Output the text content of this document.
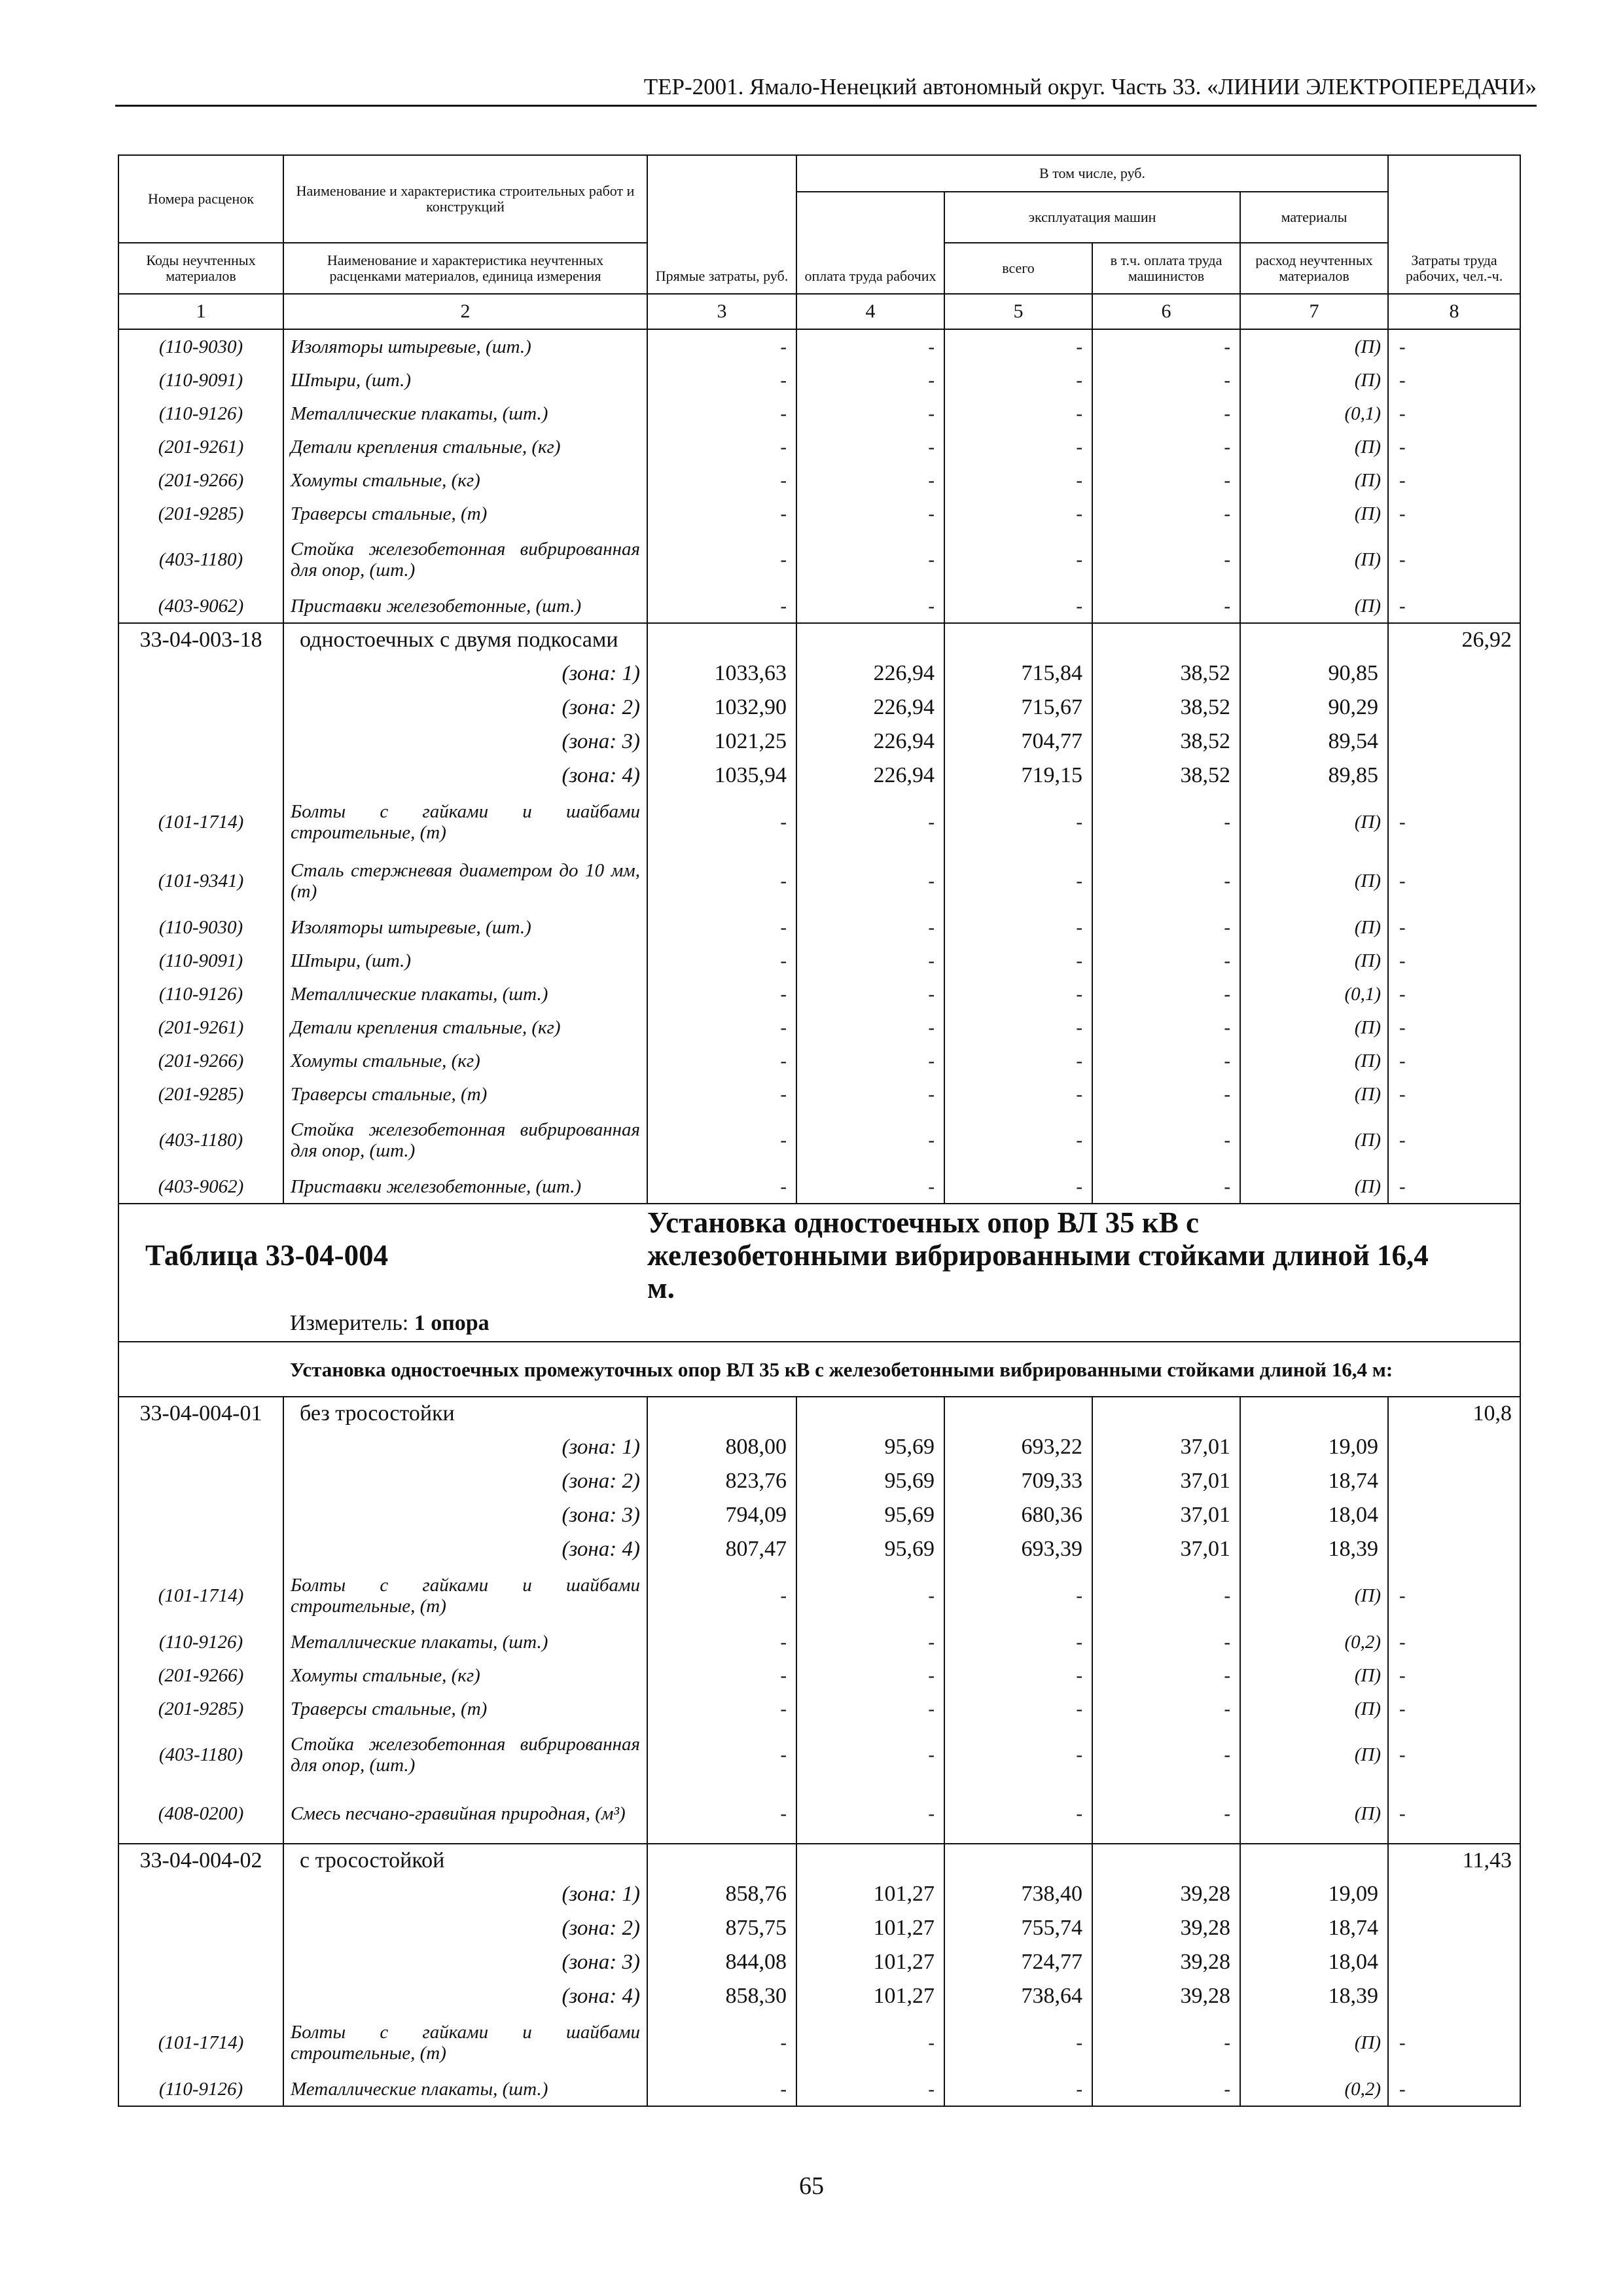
ТЕР-2001. Ямало-Ненецкий автономный округ. Часть 33. «ЛИНИИ ЭЛЕКТРОПЕРЕДАЧИ»
Номера расценок	Наименование и характеристика строительных работ и конструкций	Прямые затраты, руб.	В том числе, руб.				Затраты труда рабочих, чел.-ч.
			оплата труда рабочих	эксплуатация машин		материалы	
Коды неучтенных материалов	Наименование и характеристика неучтенных расценками материалов, единица измерения			всего	в т.ч. оплата труда машинистов	расход неучтенных материалов	
1	2	3	4	5	6	7	8
(110-9030)	Изоляторы штыревые, (шт.)	-	-	-	-	(П)	-
(110-9091)	Штыри, (шт.)	-	-	-	-	(П)	-
(110-9126)	Металлические плакаты, (шт.)	-	-	-	-	(0,1)	-
(201-9261)	Детали крепления стальные, (кг)	-	-	-	-	(П)	-
(201-9266)	Хомуты стальные, (кг)	-	-	-	-	(П)	-
(201-9285)	Траверсы стальные, (т)	-	-	-	-	(П)	-
(403-1180)	Стойка железобетонная вибрированная для опор, (шт.)	-	-	-	-	(П)	-
(403-9062)	Приставки железобетонные, (шт.)	-	-	-	-	(П)	-
33-04-003-18	одностоечных с двумя подкосами						26,92
	(зона: 1)	1033,63	226,94	715,84	38,52	90,85	
	(зона: 2)	1032,90	226,94	715,67	38,52	90,29	
	(зона: 3)	1021,25	226,94	704,77	38,52	89,54	
	(зона: 4)	1035,94	226,94	719,15	38,52	89,85	
(101-1714)	Болты с гайками и шайбами строительные, (т)	-	-	-	-	(П)	-
(101-9341)	Сталь стержневая диаметром до 10 мм, (т)	-	-	-	-	(П)	-
(110-9030)	Изоляторы штыревые, (шт.)	-	-	-	-	(П)	-
(110-9091)	Штыри, (шт.)	-	-	-	-	(П)	-
(110-9126)	Металлические плакаты, (шт.)	-	-	-	-	(0,1)	-
(201-9261)	Детали крепления стальные, (кг)	-	-	-	-	(П)	-
(201-9266)	Хомуты стальные, (кг)	-	-	-	-	(П)	-
(201-9285)	Траверсы стальные, (т)	-	-	-	-	(П)	-
(403-1180)	Стойка железобетонная вибрированная для опор, (шт.)	-	-	-	-	(П)	-
(403-9062)	Приставки железобетонные, (шт.)	-	-	-	-	(П)	-
Таблица 33-04-004		Установка одностоечных опор ВЛ 35 кВ с железобетонными вибрированными стойками длиной 16,4 м.					
	Измеритель: 1 опора						
	Установка одностоечных промежуточных опор ВЛ 35 кВ с железобетонными вибрированными стойками длиной 16,4 м:						
33-04-004-01	без тросостойки						10,8
	(зона: 1)	808,00	95,69	693,22	37,01	19,09	
	(зона: 2)	823,76	95,69	709,33	37,01	18,74	
	(зона: 3)	794,09	95,69	680,36	37,01	18,04	
	(зона: 4)	807,47	95,69	693,39	37,01	18,39	
(101-1714)	Болты с гайками и шайбами строительные, (т)	-	-	-	-	(П)	-
(110-9126)	Металлические плакаты, (шт.)	-	-	-	-	(0,2)	-
(201-9266)	Хомуты стальные, (кг)	-	-	-	-	(П)	-
(201-9285)	Траверсы стальные, (т)	-	-	-	-	(П)	-
(403-1180)	Стойка железобетонная вибрированная для опор, (шт.)	-	-	-	-	(П)	-
(408-0200)	Смесь песчано-гравийная природная, (м³)	-	-	-	-	(П)	-
33-04-004-02	с тросостойкой						11,43
	(зона: 1)	858,76	101,27	738,40	39,28	19,09	
	(зона: 2)	875,75	101,27	755,74	39,28	18,74	
	(зона: 3)	844,08	101,27	724,77	39,28	18,04	
	(зона: 4)	858,30	101,27	738,64	39,28	18,39	
(101-1714)	Болты с гайками и шайбами строительные, (т)	-	-	-	-	(П)	-
(110-9126)	Металлические плакаты, (шт.)	-	-	-	-	(0,2)	-
65
